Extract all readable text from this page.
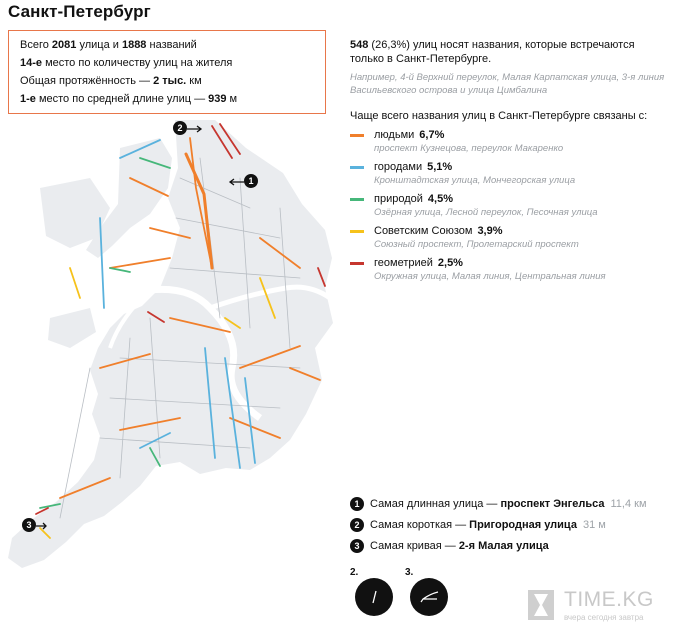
Санкт-Петербург
Всего 2081 улица и 1888 названий
14-е место по количеству улиц на жителя
Общая протяжённость — 2 тыс. км
1-е место по средней длине улиц — 939 м
548 (26,3%) улиц носят названия, которые встречаются только в Санкт-Петербурге.
Например, 4-й Верхний переулок, Малая Карпатская улица, 3-я линия Васильевского острова и улица Цимбалина
Чаще всего названия улиц в Санкт-Петербурге связаны с:
людьми 6,7%
проспект Кузнецова, переулок Макаренко
городами 5,1%
Кронштадтская улица, Мончегорская улица
природой 4,5%
Озёрная улица, Лесной переулок, Песочная улица
Советским Союзом 3,9%
Союзный проспект, Пролетарский проспект
геометрией 2,5%
Окружная улица, Малая линия, Центральная линия
1 Самая длинная улица — проспект Энгельса 11,4 км
2 Самая короткая — Пригородная улица 31 м
3 Самая кривая — 2-я Малая улица
2.	3.
TIME.KG
вчера сегодня завтра
2
1
3
